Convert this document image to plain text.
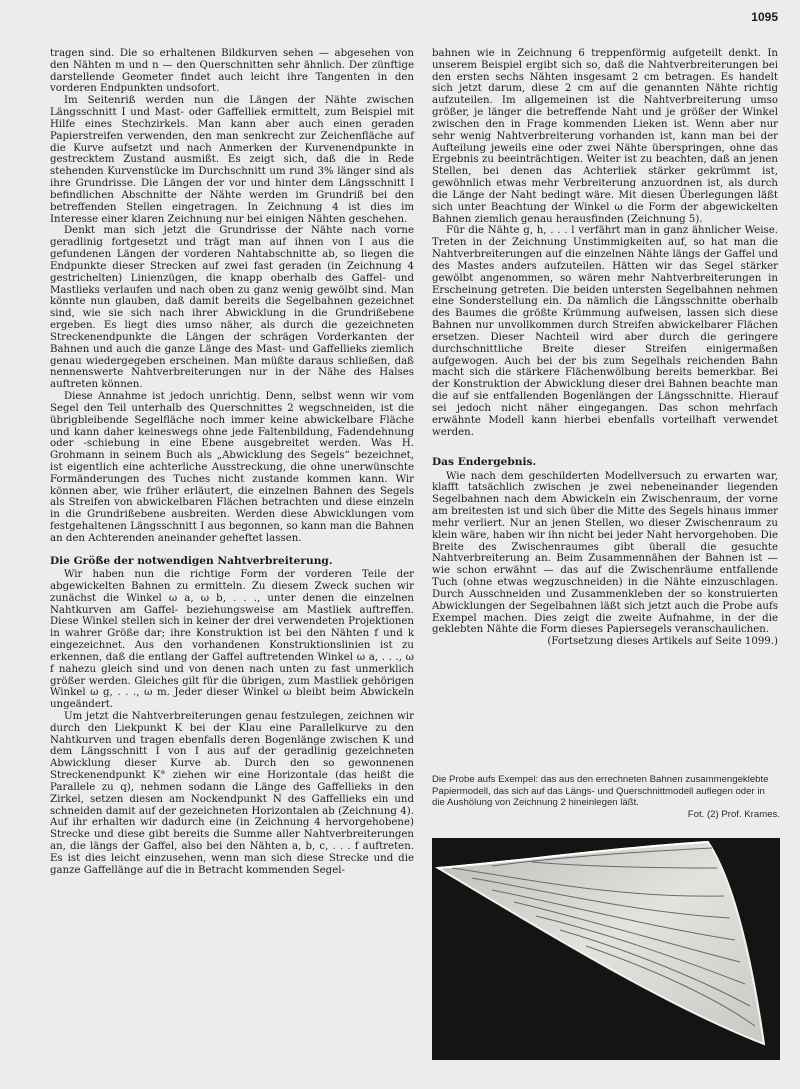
1095

tragen sind. Die so erhaltenen Bildkurven sehen — abgesehen von den Nähten m und n — den Querschnitten sehr ähnlich. Der zünftige darstellende Geometer findet auch leicht ihre Tangenten in den vorderen Endpunkten undsofort.

Im Seitenriß werden nun die Längen der Nähte zwischen Längsschnitt I und Mast- oder Gaffelliek ermittelt, zum Beispiel mit Hilfe eines Stechzirkels. Man kann aber auch einen geraden Papierstreifen verwenden, den man senkrecht zur Zeichenfläche auf die Kurve aufsetzt und nach Anmerken der Kurvenendpunkte in gestrecktem Zustand ausmißt. Es zeigt sich, daß die in Rede stehenden Kurvenstücke im Durchschnitt um rund 3% länger sind als ihre Grundrisse. Die Längen der vor und hinter dem Längsschnitt I befindlichen Abschnitte der Nähte werden im Grundriß bei den betreffenden Stellen eingetragen. In Zeichnung 4 ist dies im Interesse einer klaren Zeichnung nur bei einigen Nähten geschehen.

Denkt man sich jetzt die Grundrisse der Nähte nach vorne geradlinig fortgesetzt und trägt man auf ihnen von I aus die gefundenen Längen der vorderen Nahtabschnitte ab, so liegen die Endpunkte dieser Strecken auf zwei fast geraden (in Zeichnung 4 gestrichelten) Linienzügen, die knapp oberhalb des Gaffel- und Mastlieks verlaufen und nach oben zu ganz wenig gewölbt sind. Man könnte nun glauben, daß damit bereits die Segelbahnen gezeichnet sind, wie sie sich nach ihrer Abwicklung in die Grundrißebene ergeben. Es liegt dies umso näher, als durch die gezeichneten Streckenendpunkte die Längen der schrägen Vorderkanten der Bahnen und auch die ganze Länge des Mast- und Gaffellieks ziemlich genau wiedergegeben erscheinen. Man müßte daraus schließen, daß nennenswerte Nahtverbreiterungen nur in der Nähe des Halses auftreten können.

Diese Annahme ist jedoch unrichtig. Denn, selbst wenn wir vom Segel den Teil unterhalb des Querschnittes 2 wegschneiden, ist die übrigbleibende Segelfläche noch immer keine abwickelbare Fläche und kann daher keineswegs ohne jede Faltenbildung, Fadendehnung oder -schiebung in eine Ebene ausgebreitet werden. Was H. Grohmann in seinem Buch als „Abwicklung des Segels“ bezeichnet, ist eigentlich eine achterliche Ausstreckung, die ohne unerwünschte Formänderungen des Tuches nicht zustande kommen kann. Wir können aber, wie früher erläutert, die einzelnen Bahnen des Segels als Streifen von abwickelbaren Flächen betrachten und diese einzeln in die Grundrißebene ausbreiten. Werden diese Abwicklungen vom festgehaltenen Längsschnitt I aus begonnen, so kann man die Bahnen an den Achterenden aneinander geheftet lassen.

Die Größe der notwendigen Nahtverbreiterung.

Wir haben nun die richtige Form der vorderen Teile der abgewickelten Bahnen zu ermitteln. Zu diesem Zweck suchen wir zunächst die Winkel ω a, ω b, . . ., unter denen die einzelnen Nahtkurven am Gaffel- beziehungsweise am Mastliek auftreffen. Diese Winkel stellen sich in keiner der drei verwendeten Projektionen in wahrer Größe dar; ihre Konstruktion ist bei den Nähten f und k eingezeichnet. Aus den vorhandenen Konstruktionslinien ist zu erkennen, daß die entlang der Gaffel auftretenden Winkel ω a, . . ., ω f nahezu gleich sind und von denen nach unten zu fast unmerklich größer werden. Gleiches gilt für die übrigen, zum Mastliek gehörigen Winkel ω g, . . ., ω m. Jeder dieser Winkel ω bleibt beim Abwickeln ungeändert.

Um jetzt die Nahtverbreiterungen genau festzulegen, zeichnen wir durch den Liekpunkt K bei der Klau eine Parallelkurve zu den Nahtkurven und tragen ebenfalls deren Bogenlänge zwischen K und dem Längsschnitt I von I aus auf der geradlinig gezeichneten Abwicklung dieser Kurve ab. Durch den so gewonnenen Streckenendpunkt K° ziehen wir eine Horizontale (das heißt die Parallele zu q), nehmen sodann die Länge des Gaffellieks in den Zirkel, setzen diesen am Nockendpunkt N des Gaffellieks ein und schneiden damit auf der gezeichneten Horizontalen ab (Zeichnung 4). Auf ihr erhalten wir dadurch eine (in Zeichnung 4 hervorgehobene) Strecke und diese gibt bereits die Summe aller Nahtverbreiterungen an, die längs der Gaffel, also bei den Nähten a, b, c, . . . f auftreten. Es ist dies leicht einzusehen, wenn man sich diese Strecke und die ganze Gaffellänge auf die in Betracht kommenden Segel-

bahnen wie in Zeichnung 6 treppenförmig aufgeteilt denkt. In unserem Beispiel ergibt sich so, daß die Nahtverbreiterungen bei den ersten sechs Nähten insgesamt 2 cm betragen. Es handelt sich jetzt darum, diese 2 cm auf die genannten Nähte richtig aufzuteilen. Im allgemeinen ist die Nahtverbreiterung umso größer, je länger die betreffende Naht und je größer der Winkel zwischen den in Frage kommenden Lieken ist. Wenn aber nur sehr wenig Nahtverbreiterung vorhanden ist, kann man bei der Aufteilung jeweils eine oder zwei Nähte überspringen, ohne das Ergebnis zu beeinträchtigen. Weiter ist zu beachten, daß an jenen Stellen, bei denen das Achterliek stärker gekrümmt ist, gewöhnlich etwas mehr Verbreiterung anzuordnen ist, als durch die Länge der Naht bedingt wäre. Mit diesen Überlegungen läßt sich unter Beachtung der Winkel ω die Form der abgewickelten Bahnen ziemlich genau herausfinden (Zeichnung 5).

Für die Nähte g, h, . . . l verfährt man in ganz ähnlicher Weise. Treten in der Zeichnung Unstimmigkeiten auf, so hat man die Nahtverbreiterungen auf die einzelnen Nähte längs der Gaffel und des Mastes anders aufzuteilen. Hätten wir das Segel stärker gewölbt angenommen, so wären mehr Nahtverbreiterungen in Erscheinung getreten. Die beiden untersten Segelbahnen nehmen eine Sonderstellung ein. Da nämlich die Längsschnitte oberhalb des Baumes die größte Krümmung aufweisen, lassen sich diese Bahnen nur unvollkommen durch Streifen abwickelbarer Flächen ersetzen. Dieser Nachteil wird aber durch die geringere durchschnittliche Breite dieser Streifen einigermaßen aufgewogen. Auch bei der bis zum Segelhals reichenden Bahn macht sich die stärkere Flächenwölbung bereits bemerkbar. Bei der Konstruktion der Abwicklung dieser drei Bahnen beachte man die auf sie entfallenden Bogenlängen der Längsschnitte. Hierauf sei jedoch nicht näher eingegangen. Das schon mehrfach erwähnte Modell kann hierbei ebenfalls vorteilhaft verwendet werden.

Das Endergebnis.

Wie nach dem geschilderten Modellversuch zu erwarten war, klafft tatsächlich zwischen je zwei nebeneinander liegenden Segelbahnen nach dem Abwickeln ein Zwischenraum, der vorne am breitesten ist und sich über die Mitte des Segels hinaus immer mehr verliert. Nur an jenen Stellen, wo dieser Zwischenraum zu klein wäre, haben wir ihn nicht bei jeder Naht hervorgehoben. Die Breite des Zwischenraumes gibt überall die gesuchte Nahtverbreiterung an. Beim Zusammennähen der Bahnen ist — wie schon erwähnt — das auf die Zwischenräume entfallende Tuch (ohne etwas wegzuschneiden) in die Nähte einzuschlagen. Durch Ausschneiden und Zusammenkleben der so konstruierten Abwicklungen der Segelbahnen läßt sich jetzt auch die Probe aufs Exempel machen. Dies zeigt die zweite Aufnahme, in der die geklebten Nähte die Form dieses Papiersegels veranschaulichen.

(Fortsetzung dieses Artikels auf Seite 1099.)

Die Probe aufs Exempel: das aus den errechneten Bahnen zusammengeklebte Papiermodell, das sich auf das Längs- und Querschnittmodell auflegen oder in die Aushölung von Zeichnung 2 hineinlegen läßt.
Fot. (2) Prof. Krames.
